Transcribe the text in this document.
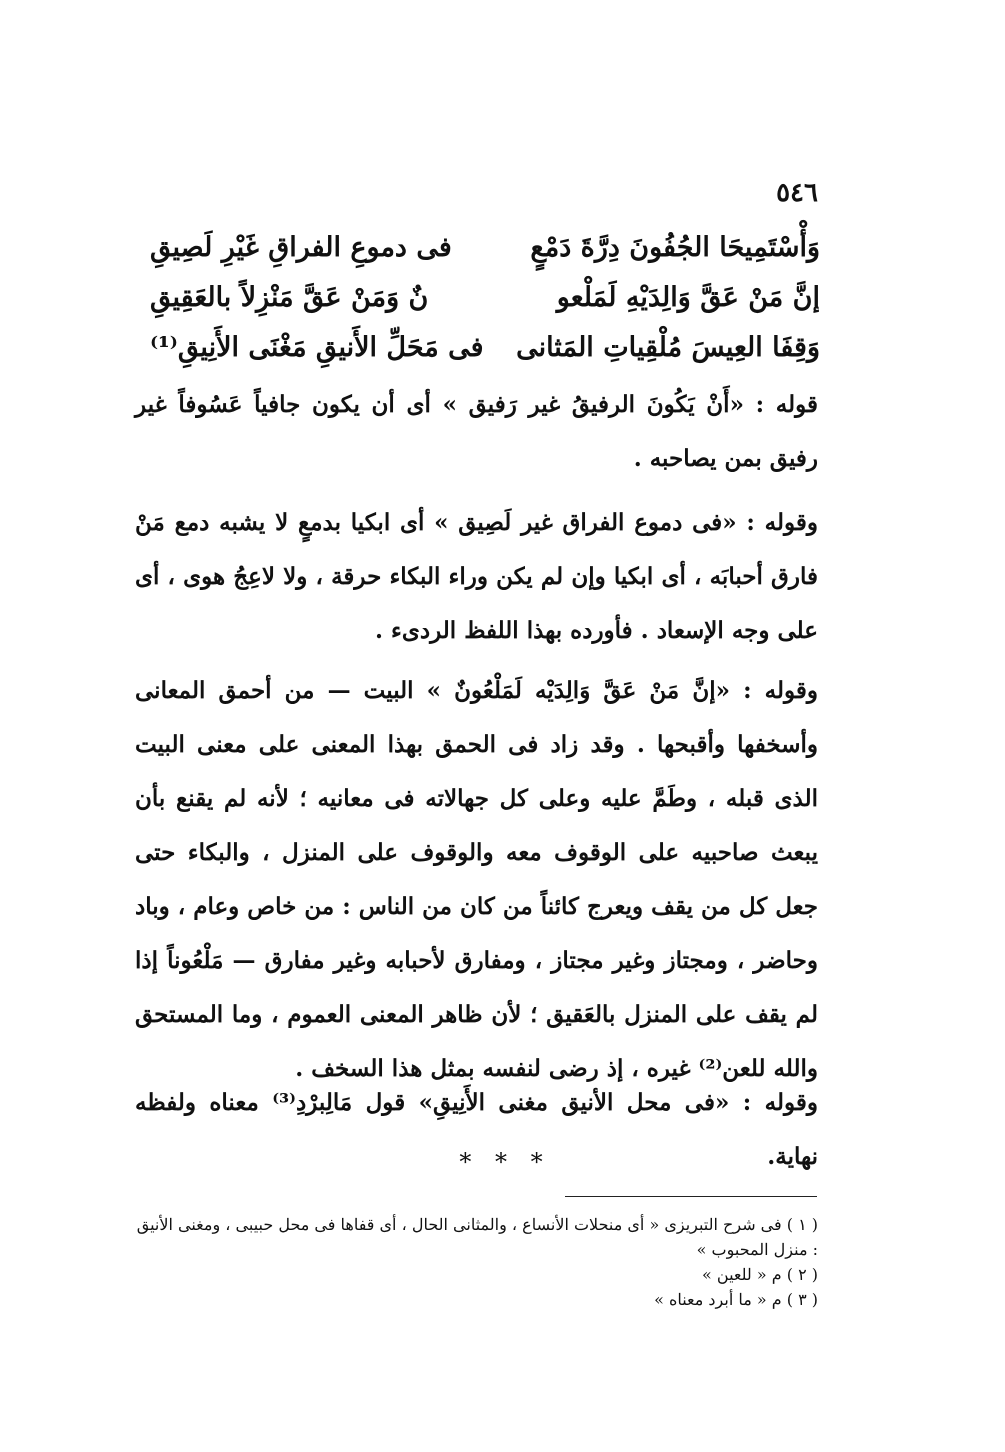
٥٤٦
وَأْسْتَمِيحَا الجُفُونَ دِرَّةَ دَمْعٍ
فى دموعِ الفراقِ غَيْرِ لَصِيقِ
إنَّ مَنْ عَقَّ وَالِدَيْهِ لَمَلْعو
نٌ وَمَنْ عَقَّ مَنْزِلاً بالعَقِيقِ
وَقِفَا العِيسَ مُلْقِياتِ المَثانى
فى مَحَلِّ الأَنيقِ مَغْنَى الأَنِيقِ⁽¹⁾

قوله : «أَنْ يَكُونَ الرفيقُ غير رَفيق » أى أن يكون جافياً عَسُوفاً غير رفيق بمن يصاحبه .

وقوله : «فى دموع الفراق غير لَصِيق » أى ابكيا بدمعٍ لا يشبه دمع مَنْ فارق أحبابَه ، أى ابكيا وإن لم يكن وراء البكاء حرقة ، ولا لاعِجُ هوى ، أى على وجه الإسعاد . فأورده بهذا اللفظ الردىء .

وقوله : «إنَّ مَنْ عَقَّ وَالِدَيْه لَمَلْعُونٌ » البيت — من أحمق المعانى وأسخفها وأقبحها . وقد زاد فى الحمق بهذا المعنى على معنى البيت الذى قبله ، وطَمَّ عليه وعلى كل جهالاته فى معانيه ؛ لأنه لم يقنع بأن يبعث صاحبيه على الوقوف معه والوقوف على المنزل ، والبكاء حتى جعل كل من يقف ويعرج كائناً من كان من الناس : من خاص وعام ، وباد وحاضر ، ومجتاز وغير مجتاز ، ومفارق لأحبابه وغير مفارق — مَلْعُوناً إذا لم يقف على المنزل بالعَقيق ؛ لأن ظاهر المعنى العموم ، وما المستحق والله للعن⁽²⁾ غيره ، إذ رضى لنفسه بمثل هذا السخف .

وقوله : «فى محل الأنيق مغنى الأَنِيقِ» قول مَالِبرْدِ⁽³⁾ معناه ولفظه نهاية.

* * *

( ١ ) فى شرح التبريزى « أى منحلات الأنساع ، والمثانى الحال ، أى قفاها فى محل حبيبى ، ومغنى الأنيق : منزل المحبوب »

( ٢ ) م « للعين »

( ٣ ) م « ما أبرد معناه »
